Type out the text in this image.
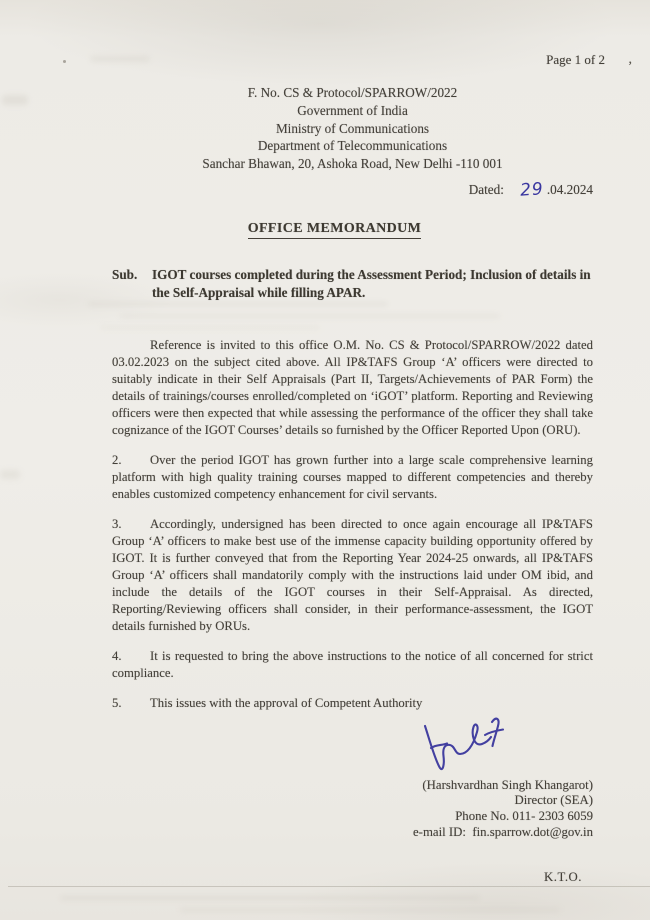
Page 1 of 2 ,
F. No. CS & Protocol/SPARROW/2022
Government of India
Ministry of Communications
Department of Telecommunications
Sanchar Bhawan, 20, Ashoka Road, New Delhi -110 001
Dated: 29 .04.2024
OFFICE MEMORANDUM
Sub. IGOT courses completed during the Assessment Period; Inclusion of details in the Self-Appraisal while filling APAR.

Reference is invited to this office O.M. No. CS & Protocol/SPARROW/2022 dated 03.02.2023 on the subject cited above. All IP&TAFS Group ‘A’ officers were directed to suitably indicate in their Self Appraisals (Part II, Targets/Achievements of PAR Form) the details of trainings/courses enrolled/completed on ‘iGOT’ platform. Reporting and Reviewing officers were then expected that while assessing the performance of the officer they shall take cognizance of the IGOT Courses’ details so furnished by the Officer Reported Upon (ORU).

2. Over the period IGOT has grown further into a large scale comprehensive learning platform with high quality training courses mapped to different competencies and thereby enables customized competency enhancement for civil servants.

3. Accordingly, undersigned has been directed to once again encourage all IP&TAFS Group ‘A’ officers to make best use of the immense capacity building opportunity offered by IGOT. It is further conveyed that from the Reporting Year 2024-25 onwards, all IP&TAFS Group ‘A’ officers shall mandatorily comply with the instructions laid under OM ibid, and include the details of the IGOT courses in their Self-Appraisal. As directed, Reporting/Reviewing officers shall consider, in their performance-assessment, the IGOT details furnished by ORUs.

4. It is requested to bring the above instructions to the notice of all concerned for strict compliance.

5. This issues with the approval of Competent Authority

(Harshvardhan Singh Khangarot)
Director (SEA)
Phone No. 011- 2303 6059
e-mail ID:  fin.sparrow.dot@gov.in
K.T.O.
